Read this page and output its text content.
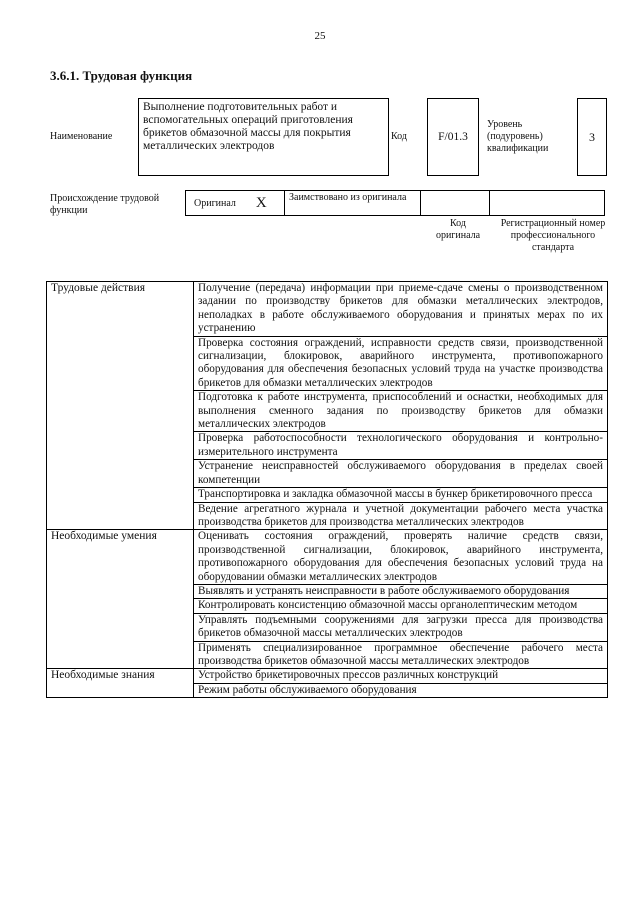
25
3.6.1. Трудовая функция
Наименование
Выполнение подготовительных работ и вспомогательных операций приготовления брикетов обмазочной массы для покрытия металлических электродов
Код	F/01.3
Уровень (подуровень) квалификации
3
Происхождение трудовой функции
Оригинал X	Заимствовано из оригинала
Код оригинала
Регистрационный номер профессионального стандарта
Трудовые действия	Получение (передача) информации при приеме-сдаче смены о производственном задании по производству брикетов для обмазки металлических электродов, неполадках в работе обслуживаемого оборудования и принятых мерах по их устранению
	Проверка состояния ограждений, исправности средств связи, производственной сигнализации, блокировок, аварийного инструмента, противопожарного оборудования для обеспечения безопасных условий труда на участке производства брикетов для обмазки металлических электродов
	Подготовка к работе инструмента, приспособлений и оснастки, необходимых для выполнения сменного задания по производству брикетов для обмазки металлических электродов
	Проверка работоспособности технологического оборудования и контрольно-измерительного инструмента
	Устранение неисправностей обслуживаемого оборудования в пределах своей компетенции
	Транспортировка и закладка обмазочной массы в бункер брикетировочного пресса
	Ведение агрегатного журнала и учетной документации рабочего места участка производства брикетов для производства металлических электродов
Необходимые умения	Оценивать состояния ограждений, проверять наличие средств связи, производственной сигнализации, блокировок, аварийного инструмента, противопожарного оборудования для обеспечения безопасных условий труда на оборудовании обмазки металлических электродов
	Выявлять и устранять неисправности в работе обслуживаемого оборудования
	Контролировать консистенцию обмазочной массы органолептическим методом
	Управлять подъемными сооружениями для загрузки пресса для производства брикетов обмазочной массы металлических электродов
	Применять специализированное программное обеспечение рабочего места производства брикетов обмазочной массы металлических электродов
Необходимые знания	Устройство брикетировочных прессов различных конструкций
	Режим работы обслуживаемого оборудования
